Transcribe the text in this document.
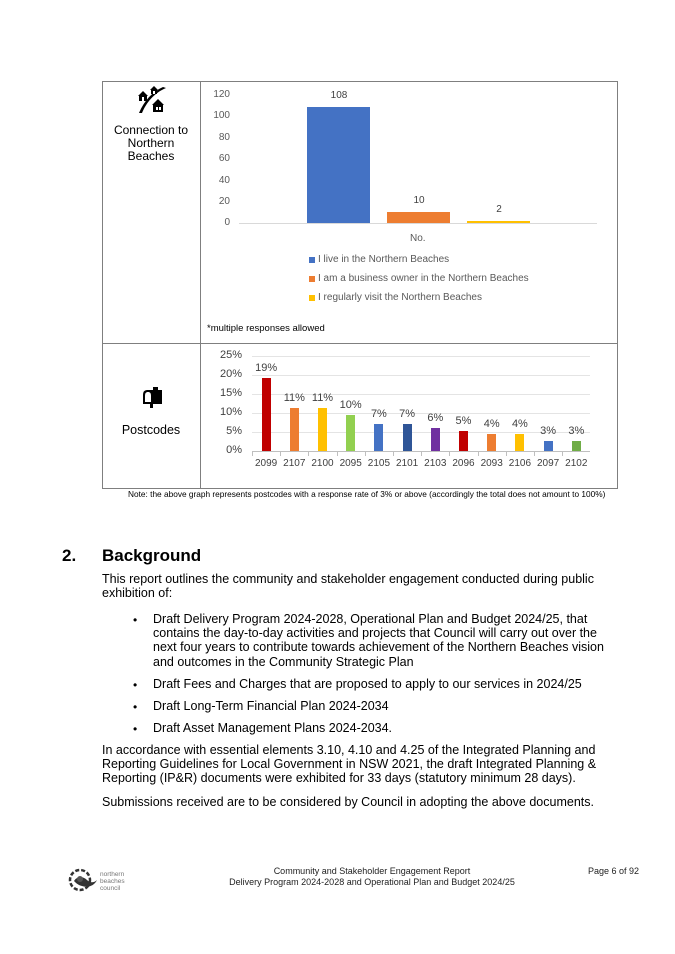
Connection to
Northern
Beaches
120
100
80
60
40
20
0
108
10
2
No.
I live in the Northern Beaches
I am a business owner in the Northern Beaches
I regularly visit the Northern Beaches
*multiple responses allowed
Postcodes
25%
20%
15%
10%
5%
0%
19%
2099
11%
2107
11%
2100
10%
2095
7%
2105
7%
2101
6%
2103
5%
2096
4%
2093
4%
2106
3%
2097
3%
2102
Note: the above graph represents postcodes with a response rate of 3% or above (accordingly the total does not amount to 100%)
2. Background
This report outlines the community and stakeholder engagement conducted during public
exhibition of:
• Draft Delivery Program 2024-2028, Operational Plan and Budget 2024/25, that
contains the day-to-day activities and projects that Council will carry out over the
next four years to contribute towards achievement of the Northern Beaches vision
and outcomes in the Community Strategic Plan
• Draft Fees and Charges that are proposed to apply to our services in 2024/25
• Draft Long-Term Financial Plan 2024-2034
• Draft Asset Management Plans 2024-2034.
In accordance with essential elements 3.10, 4.10 and 4.25 of the Integrated Planning and
Reporting Guidelines for Local Government in NSW 2021, the draft Integrated Planning &
Reporting (IP&R) documents were exhibited for 33 days (statutory minimum 28 days).
Submissions received are to be considered by Council in adopting the above documents.
northern
beaches
council
Community and Stakeholder Engagement Report
Delivery Program 2024-2028 and Operational Plan and Budget 2024/25
Page 6 of 92
